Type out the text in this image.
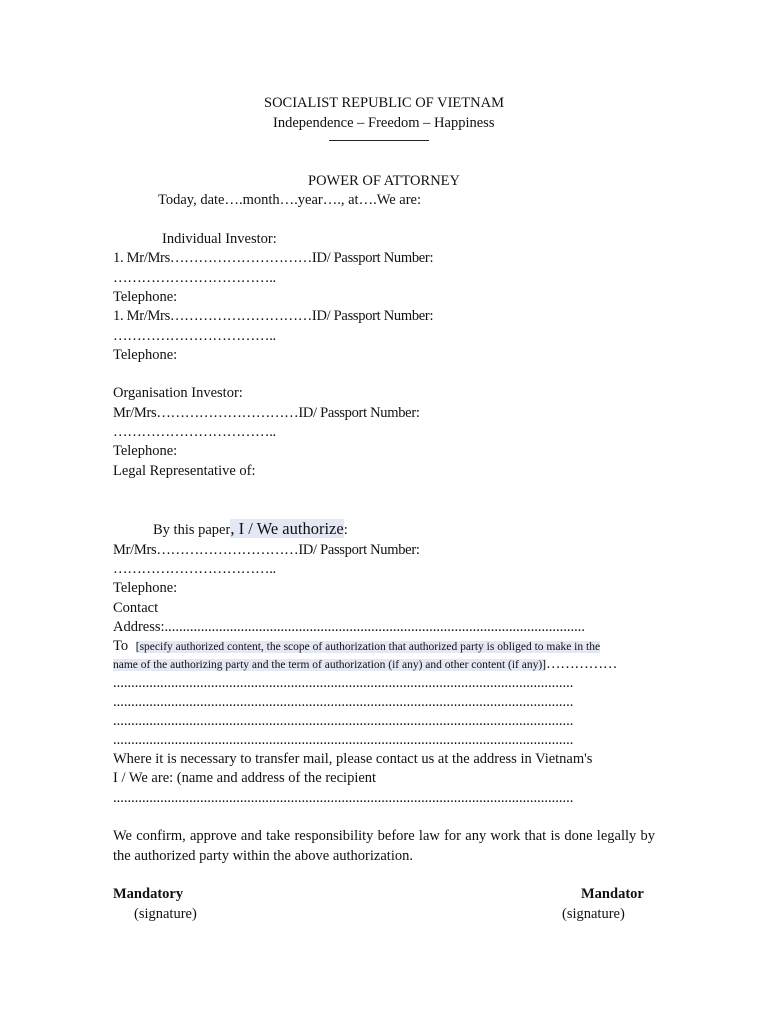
SOCIALIST REPUBLIC OF VIETNAM
Independence – Freedom – Happiness
POWER OF ATTORNEY
Today, date….month….year…., at….We are:
Individual Investor:
1. Mr/Mrs…………………………ID/ Passport Number:
……………………………..
Telephone:
1. Mr/Mrs…………………………ID/ Passport Number:
……………………………..
Telephone:
Organisation Investor:
Mr/Mrs…………………………ID/ Passport Number:
……………………………..
Telephone:
Legal Representative of:
By this paper, I / We authorize:
Mr/Mrs…………………………ID/ Passport Number:
……………………………..
Telephone:
Contact
Address:....................................................................................................................
To [specify authorized content, the scope of authorization that authorized party is obliged to make in the
name of the authorizing party and the term of authorization (if any) and other content (if any)]……………
...............................................................................................................................
...............................................................................................................................
...............................................................................................................................
...............................................................................................................................
Where it is necessary to transfer mail, please contact us at the address in Vietnam's
I / We are: (name and address of the recipient
...............................................................................................................................
We confirm, approve and take responsibility before law for any work that is done legally by the authorized party within the above authorization.
Mandatory
(signature)
Mandator
(signature)
